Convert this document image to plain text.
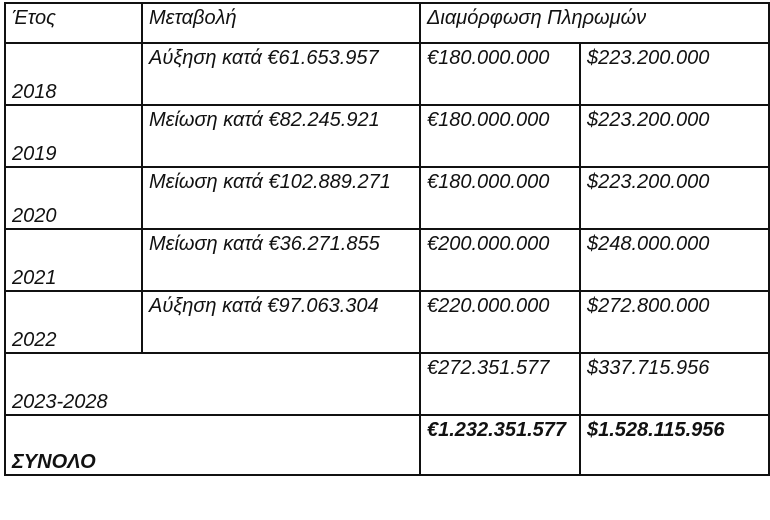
Έτος	Μεταβολή	Διαμόρφωση Πληρωμών	

2018	Αύξηση κατά €61.653.957	€180.000.000	$223.200.000

2019	Μείωση κατά €82.245.921	€180.000.000	$223.200.000

2020	Μείωση κατά €102.889.271	€180.000.000	$223.200.000

2021	Μείωση κατά €36.271.855	€200.000.000	$248.000.000

2022	Αύξηση κατά €97.063.304	€220.000.000	$272.800.000

2023-2028		€272.351.577	$337.715.956

ΣΥΝΟΛΟ		€1.232.351.577	$1.528.115.956
